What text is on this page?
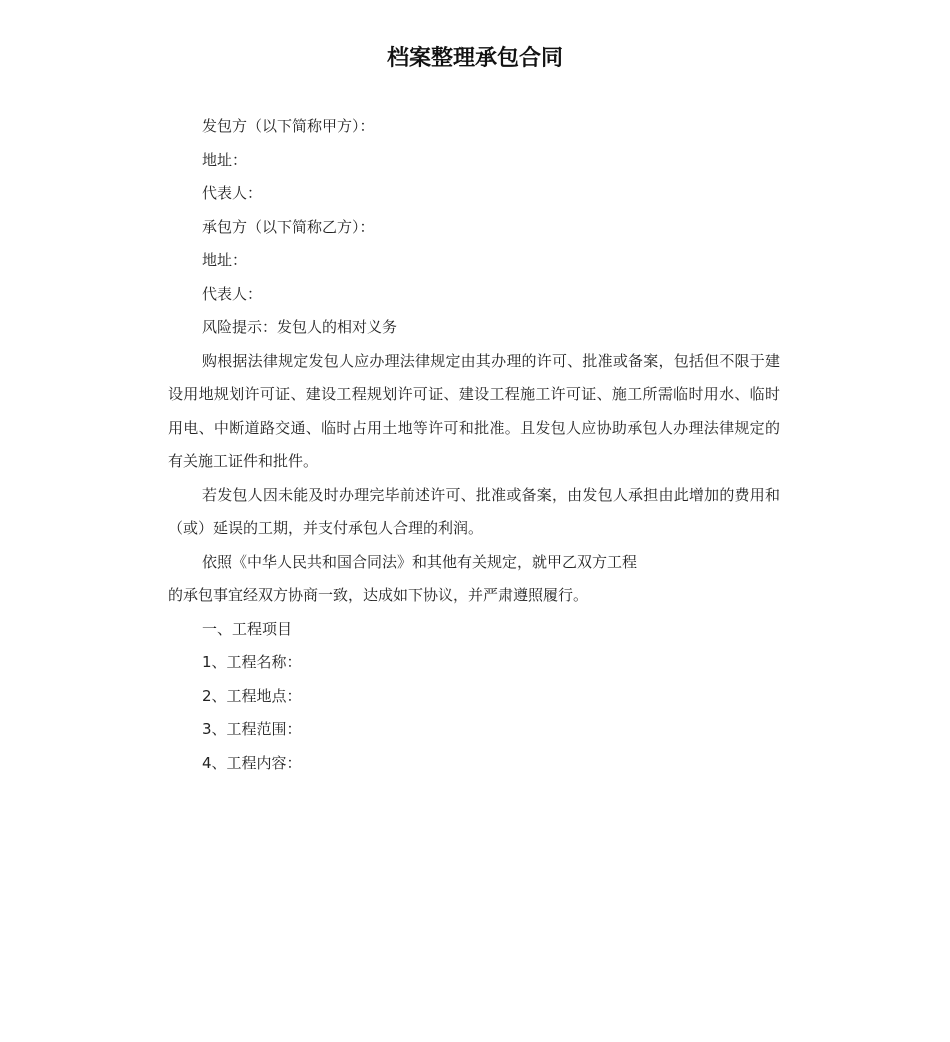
档案整理承包合同

发包方（以下简称甲方）：

地址：

代表人：

承包方（以下简称乙方）：

地址：

代表人：

风险提示：发包人的相对义务

购根据法律规定发包人应办理法律规定由其办理的许可、批准或备案，包括但不限于建设用地规划许可证、建设工程规划许可证、建设工程施工许可证、施工所需临时用水、临时用电、中断道路交通、临时占用土地等许可和批准。且发包人应协助承包人办理法律规定的有关施工证件和批件。

若发包人因未能及时办理完毕前述许可、批准或备案，由发包人承担由此增加的费用和（或）延误的工期，并支付承包人合理的利润。

依照《中华人民共和国合同法》和其他有关规定，就甲乙双方工程

的承包事宜经双方协商一致，达成如下协议，并严肃遵照履行。

一、工程项目

1、工程名称：

2、工程地点：

3、工程范围：

4、工程内容：
